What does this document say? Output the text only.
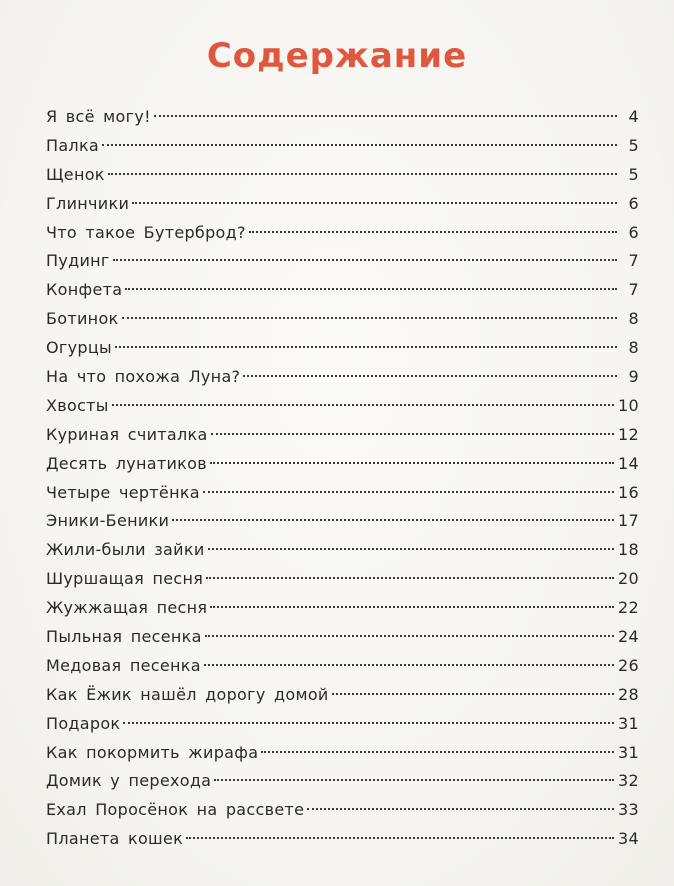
Содержание
Я всё могу!	4
Палка	5
Щенок	5
Глинчики	6
Что такое Бутерброд?	6
Пудинг	7
Конфета	7
Ботинок	8
Огурцы	8
На что похожа Луна?	9
Хвосты	10
Куриная считалка	12
Десять лунатиков	14
Четыре чертёнка	16
Эники-Беники	17
Жили-были зайки	18
Шуршащая песня	20
Жужжащая песня	22
Пыльная песенка	24
Медовая песенка	26
Как Ёжик нашёл дорогу домой	28
Подарок	31
Как покормить жирафа	31
Домик у перехода	32
Ехал Поросёнок на рассвете	33
Планета кошек	34
